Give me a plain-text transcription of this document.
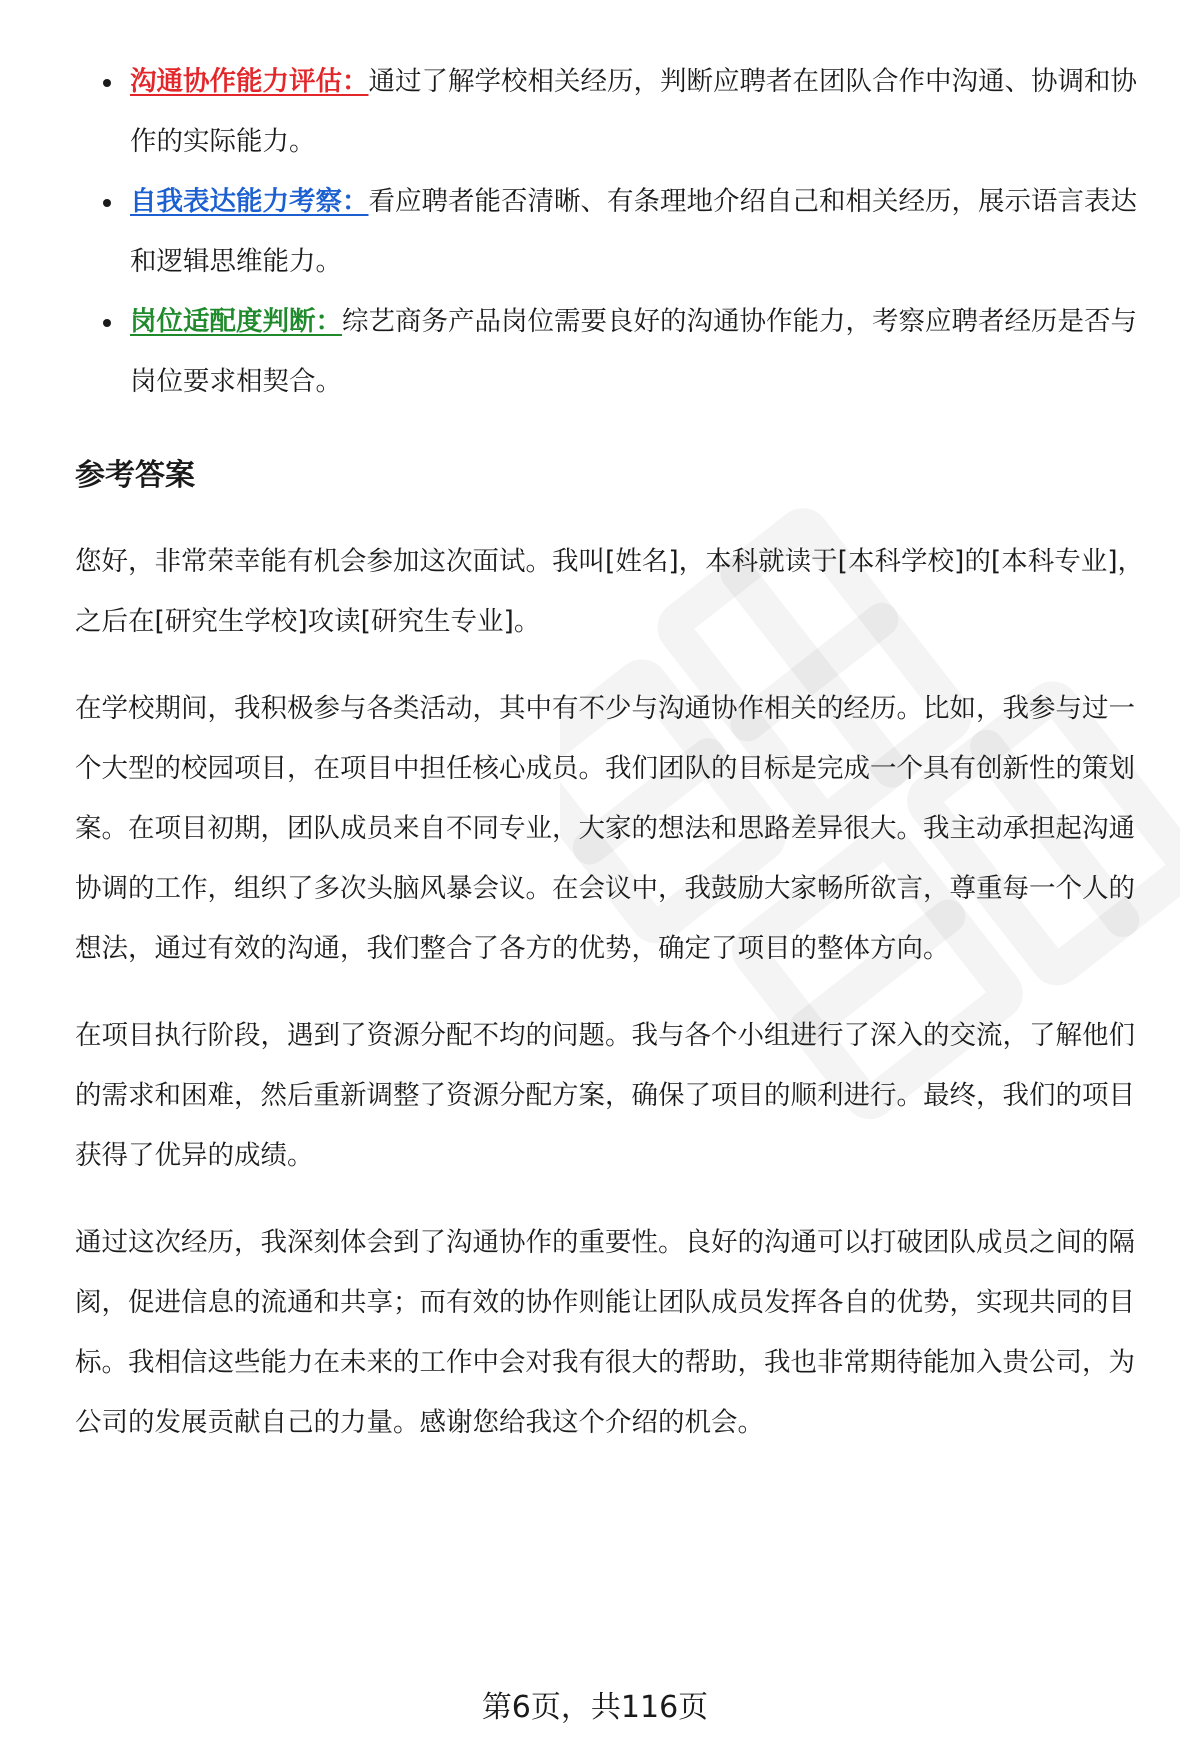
沟通协作能力评估：通过了解学校相关经历，判断应聘者在团队合作中沟通、协调和协作的实际能力。
自我表达能力考察：看应聘者能否清晰、有条理地介绍自己和相关经历，展示语言表达和逻辑思维能力。
岗位适配度判断：综艺商务产品岗位需要良好的沟通协作能力，考察应聘者经历是否与岗位要求相契合。
参考答案

您好，非常荣幸能有机会参加这次面试。我叫[姓名]，本科就读于[本科学校]的[本科专业]，之后在[研究生学校]攻读[研究生专业]。

在学校期间，我积极参与各类活动，其中有不少与沟通协作相关的经历。比如，我参与过一个大型的校园项目，在项目中担任核心成员。我们团队的目标是完成一个具有创新性的策划案。在项目初期，团队成员来自不同专业，大家的想法和思路差异很大。我主动承担起沟通协调的工作，组织了多次头脑风暴会议。在会议中，我鼓励大家畅所欲言，尊重每一个人的想法，通过有效的沟通，我们整合了各方的优势，确定了项目的整体方向。

在项目执行阶段，遇到了资源分配不均的问题。我与各个小组进行了深入的交流，了解他们的需求和困难，然后重新调整了资源分配方案，确保了项目的顺利进行。最终，我们的项目获得了优异的成绩。

通过这次经历，我深刻体会到了沟通协作的重要性。良好的沟通可以打破团队成员之间的隔阂，促进信息的流通和共享；而有效的协作则能让团队成员发挥各自的优势，实现共同的目标。我相信这些能力在未来的工作中会对我有很大的帮助，我也非常期待能加入贵公司，为公司的发展贡献自己的力量。感谢您给我这个介绍的机会。

第6页，共116页
